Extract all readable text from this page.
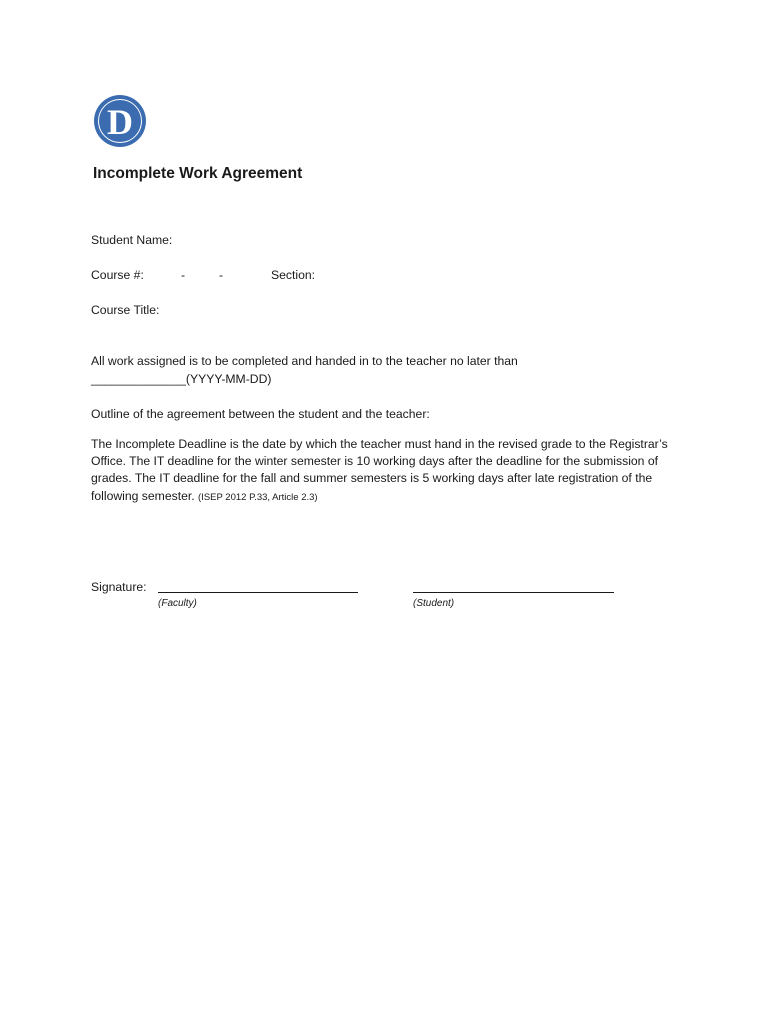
D
Incomplete Work Agreement
Student Name:
Course #:	-	-	Section:
Course Title:
All work assigned is to be completed and handed in to the teacher no later than
______________(YYYY-MM-DD)
Outline of the agreement between the student and the teacher:
The Incomplete Deadline is the date by which the teacher must hand in the revised grade to the Registrar’s Office. The IT deadline for the winter semester is 10 working days after the deadline for the submission of grades. The IT deadline for the fall and summer semesters is 5 working days after late registration of the following semester. (ISEP 2012 P.33, Article 2.3)
Signature:
(Faculty)	(Student)
